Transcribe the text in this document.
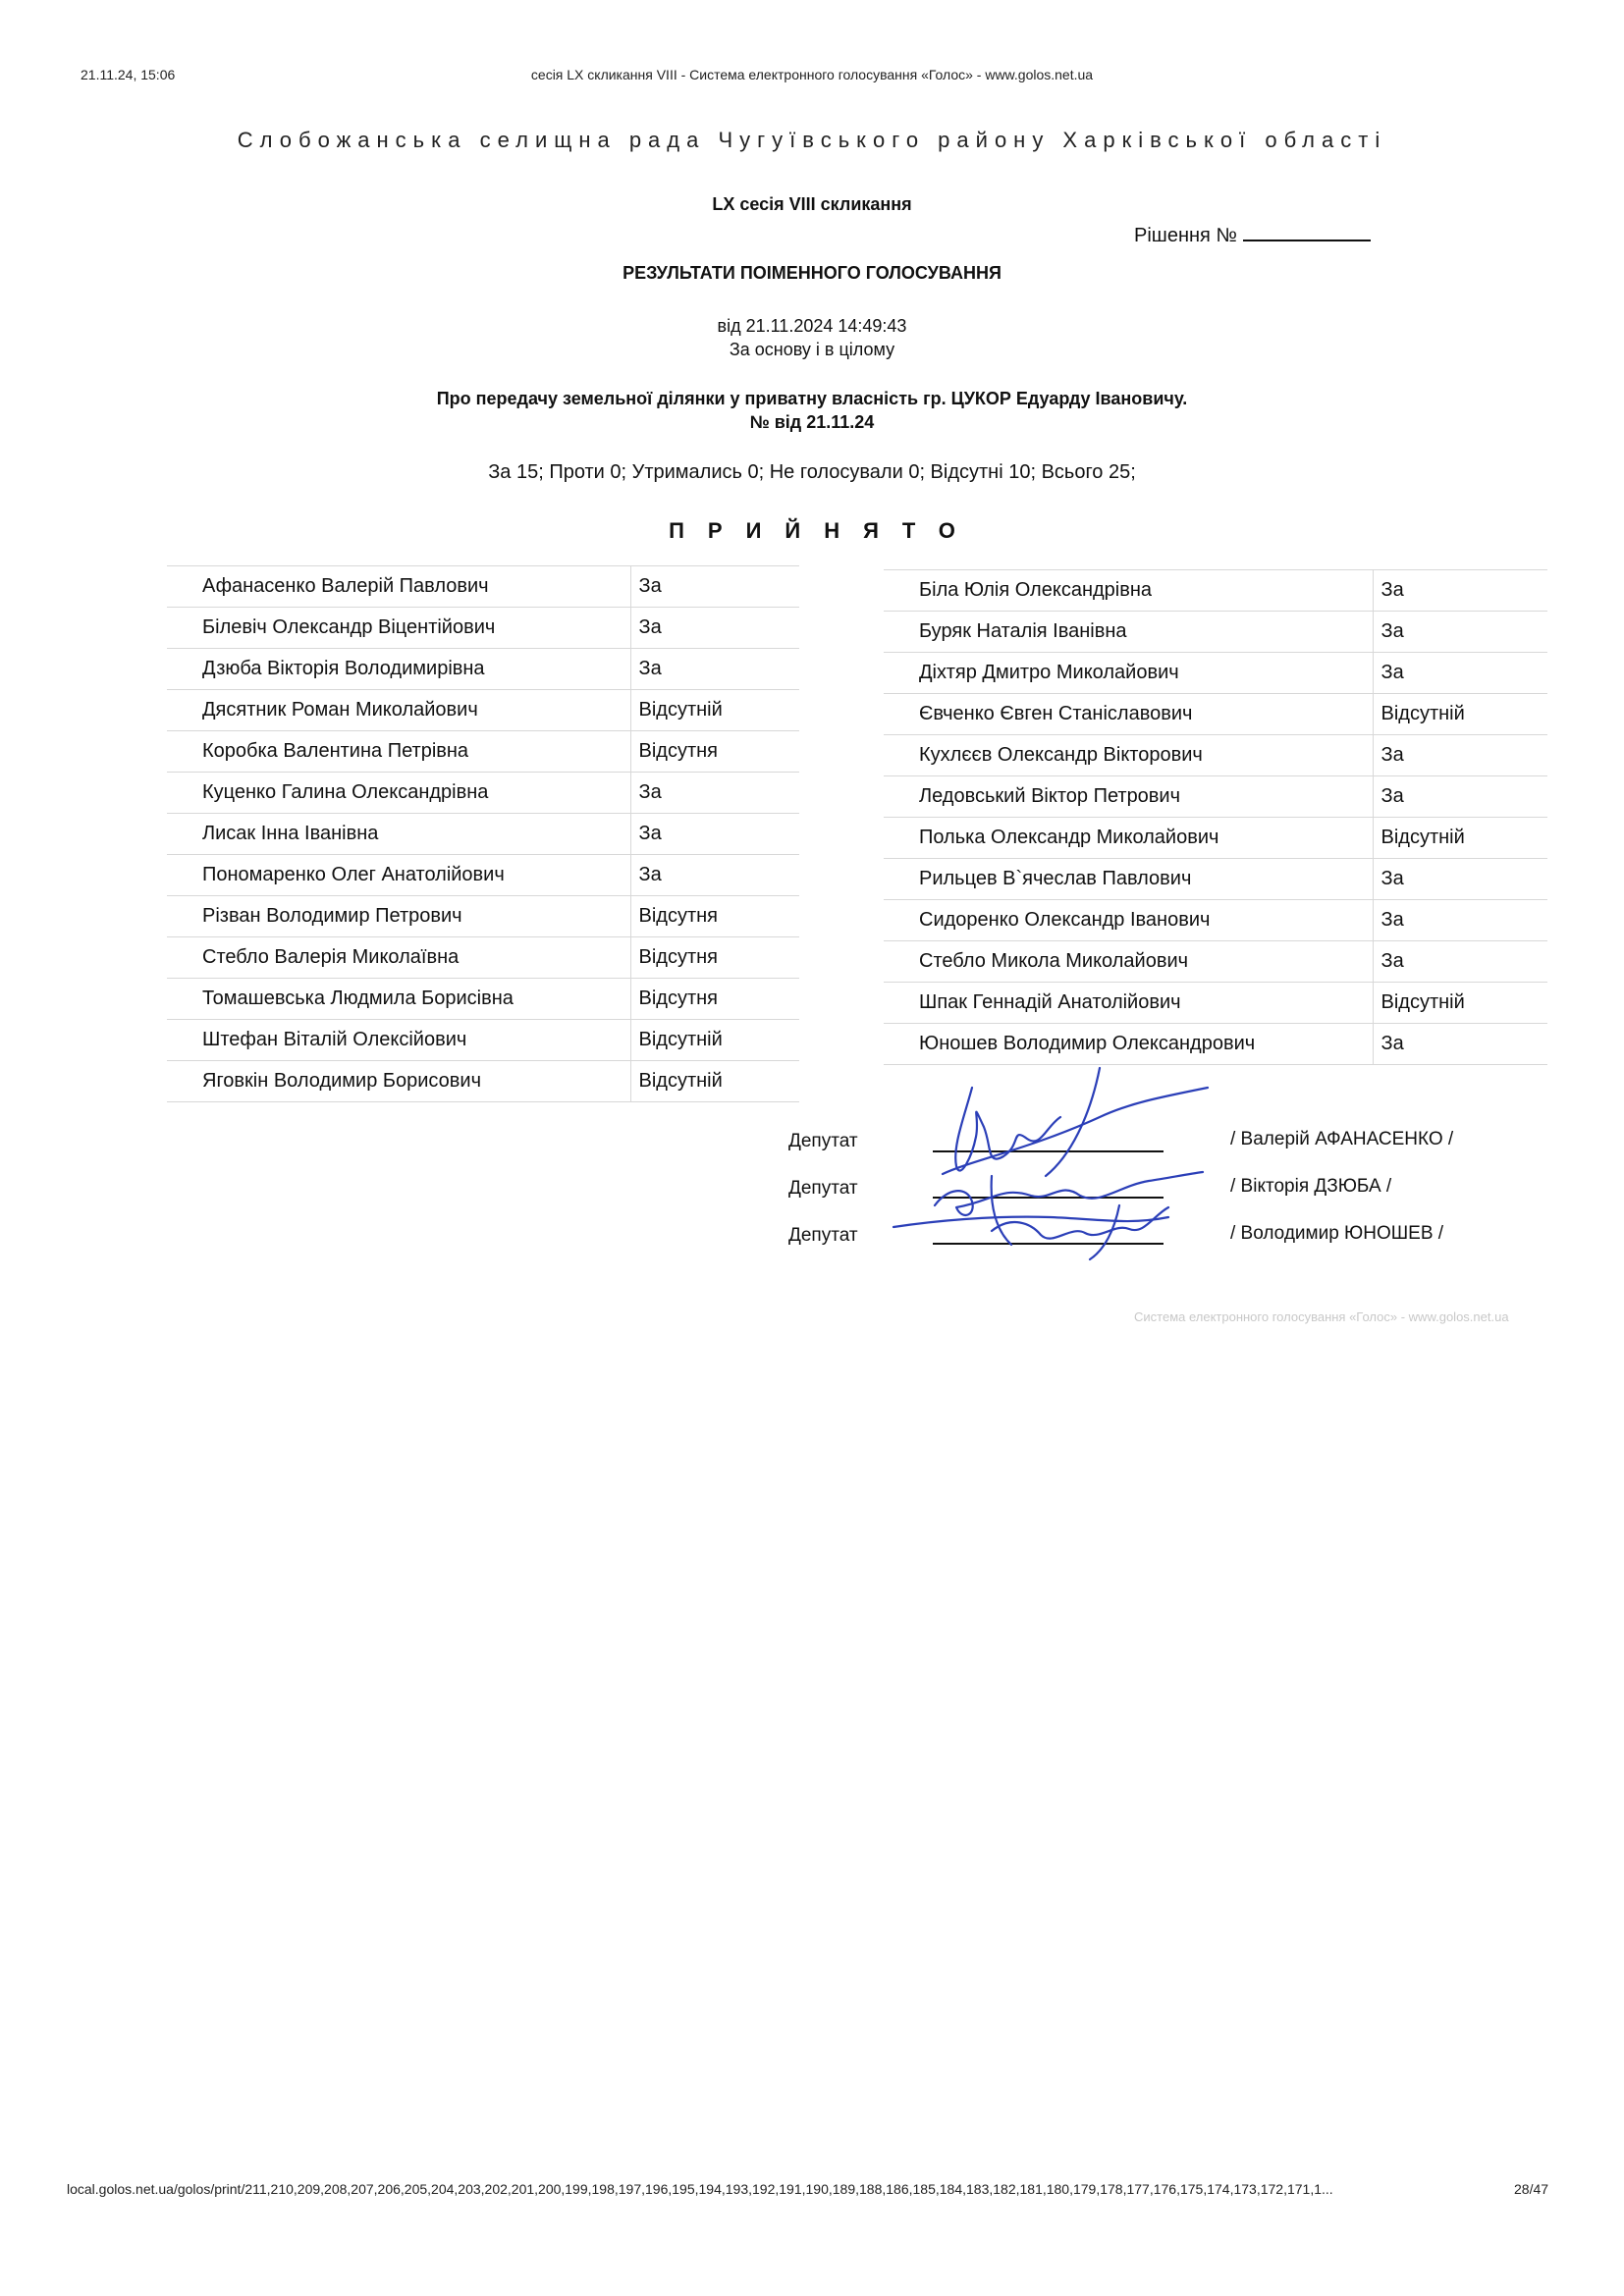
21.11.24, 15:06	сесія LX скликання VIII - Система електронного голосування «Голос» - www.golos.net.ua
Слобожанська селищна рада Чугуївського району Харківської області
LX сесія VIII скликання
Рішення №
РЕЗУЛЬТАТИ ПОІМЕННОГО ГОЛОСУВАННЯ
від 21.11.2024 14:49:43
За основу і в цілому
Про передачу земельної ділянки у приватну власність гр. ЦУКОР Едуарду Івановичу.
№ від 21.11.24
За 15; Проти 0; Утримались 0; Не голосували 0; Відсутні 10; Всього 25;
ПРИЙНЯТО
Афанасенко Валерій Павлович	За
Білевіч Олександр Віцентійович	За
Дзюба Вікторія Володимирівна	За
Дясятник Роман Миколайович	Відсутній
Коробка Валентина Петрівна	Відсутня
Куценко Галина Олександрівна	За
Лисак Інна Іванівна	За
Пономаренко Олег Анатолійович	За
Різван Володимир Петрович	Відсутня
Стебло Валерія Миколаївна	Відсутня
Томашевська Людмила Борисівна	Відсутня
Штефан Віталій Олексійович	Відсутній
Яговкін Володимир Борисович	Відсутній
Біла Юлія Олександрівна	За
Буряк Наталія Іванівна	За
Діхтяр Дмитро Миколайович	За
Євченко Євген Станіславович	Відсутній
Кухлєєв Олександр Вікторович	За
Ледовський Віктор Петрович	За
Полька Олександр Миколайович	Відсутній
Рильцев В`ячеслав Павлович	За
Сидоренко Олександр Іванович	За
Стебло Микола Миколайович	За
Шпак Геннадій Анатолійович	Відсутній
Юношев Володимир Олександрович	За
Депутат	/ Валерій АФАНАСЕНКО /
Депутат	/ Вікторія ДЗЮБА /
Депутат	/ Володимир ЮНОШЕВ /
Система електронного голосування «Голос» - www.golos.net.ua
local.golos.net.ua/golos/print/211,210,209,208,207,206,205,204,203,202,201,200,199,198,197,196,195,194,193,192,191,190,189,188,186,185,184,183,182,181,180,179,178,177,176,175,174,173,172,171,1...	28/47
